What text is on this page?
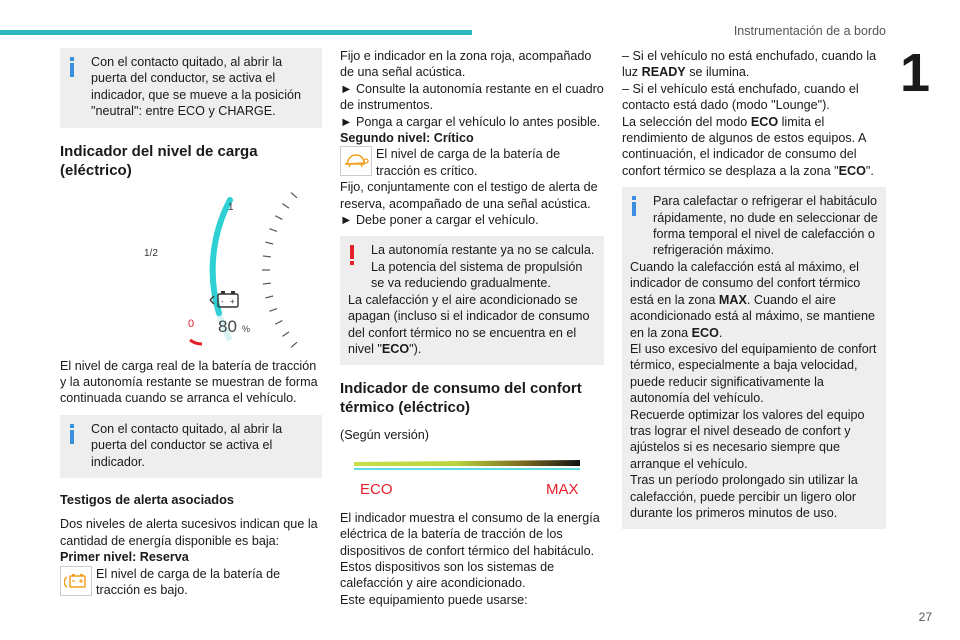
Instrumentación de a bordo
1
27

Con el contacto quitado, al abrir la puerta del conductor, se activa el indicador, que se mueve a la posición "neutral": entre ECO y CHARGE.

Indicador del nivel de carga (eléctrico)
1
1/2
0
- +
80 %

El nivel de carga real de la batería de tracción y la autonomía restante se muestran de forma continuada cuando se arranca el vehículo.

Con el contacto quitado, al abrir la puerta del conductor se activa el indicador.

Testigos de alerta asociados

Dos niveles de alerta sucesivos indican que la cantidad de energía disponible es baja:

Primer nivel: Reserva

El nivel de carga de la batería de tracción es bajo.

Fijo e indicador en la zona roja, acompañado de una señal acústica.

► Consulte la autonomía restante en el cuadro de instrumentos.

► Ponga a cargar el vehículo lo antes posible.

Segundo nivel: Crítico

El nivel de carga de la batería de tracción es crítico.

Fijo, conjuntamente con el testigo de alerta de reserva, acompañado de una señal acústica.

► Debe poner a cargar el vehículo.

La autonomía restante ya no se calcula.

La potencia del sistema de propulsión se va reduciendo gradualmente.

La calefacción y el aire acondicionado se apagan (incluso si el indicador de consumo del confort térmico no se encuentra en el nivel "ECO").

Indicador de consumo del confort térmico (eléctrico)

(Según versión)

ECO	MAX

El indicador muestra el consumo de la energía eléctrica de la batería de tracción de los dispositivos de confort térmico del habitáculo.

Estos dispositivos son los sistemas de calefacción y aire acondicionado.

Este equipamiento puede usarse:

– Si el vehículo no está enchufado, cuando la luz READY se ilumina.

– Si el vehículo está enchufado, cuando el contacto está dado (modo "Lounge").

La selección del modo ECO limita el rendimiento de algunos de estos equipos. A continuación, el indicador de consumo del confort térmico se desplaza a la zona "ECO".

Para calefactar o refrigerar el habitáculo rápidamente, no dude en seleccionar de forma temporal el nivel de calefacción o refrigeración máximo.

Cuando la calefacción está al máximo, el indicador de consumo del confort térmico está en la zona MAX. Cuando el aire acondicionado está al máximo, se mantiene en la zona ECO.

El uso excesivo del equipamiento de confort térmico, especialmente a baja velocidad, puede reducir significativamente la autonomía del vehículo.

Recuerde optimizar los valores del equipo tras lograr el nivel deseado de confort y ajústelos si es necesario siempre que arranque el vehículo.

Tras un período prolongado sin utilizar la calefacción, puede percibir un ligero olor durante los primeros minutos de uso.
